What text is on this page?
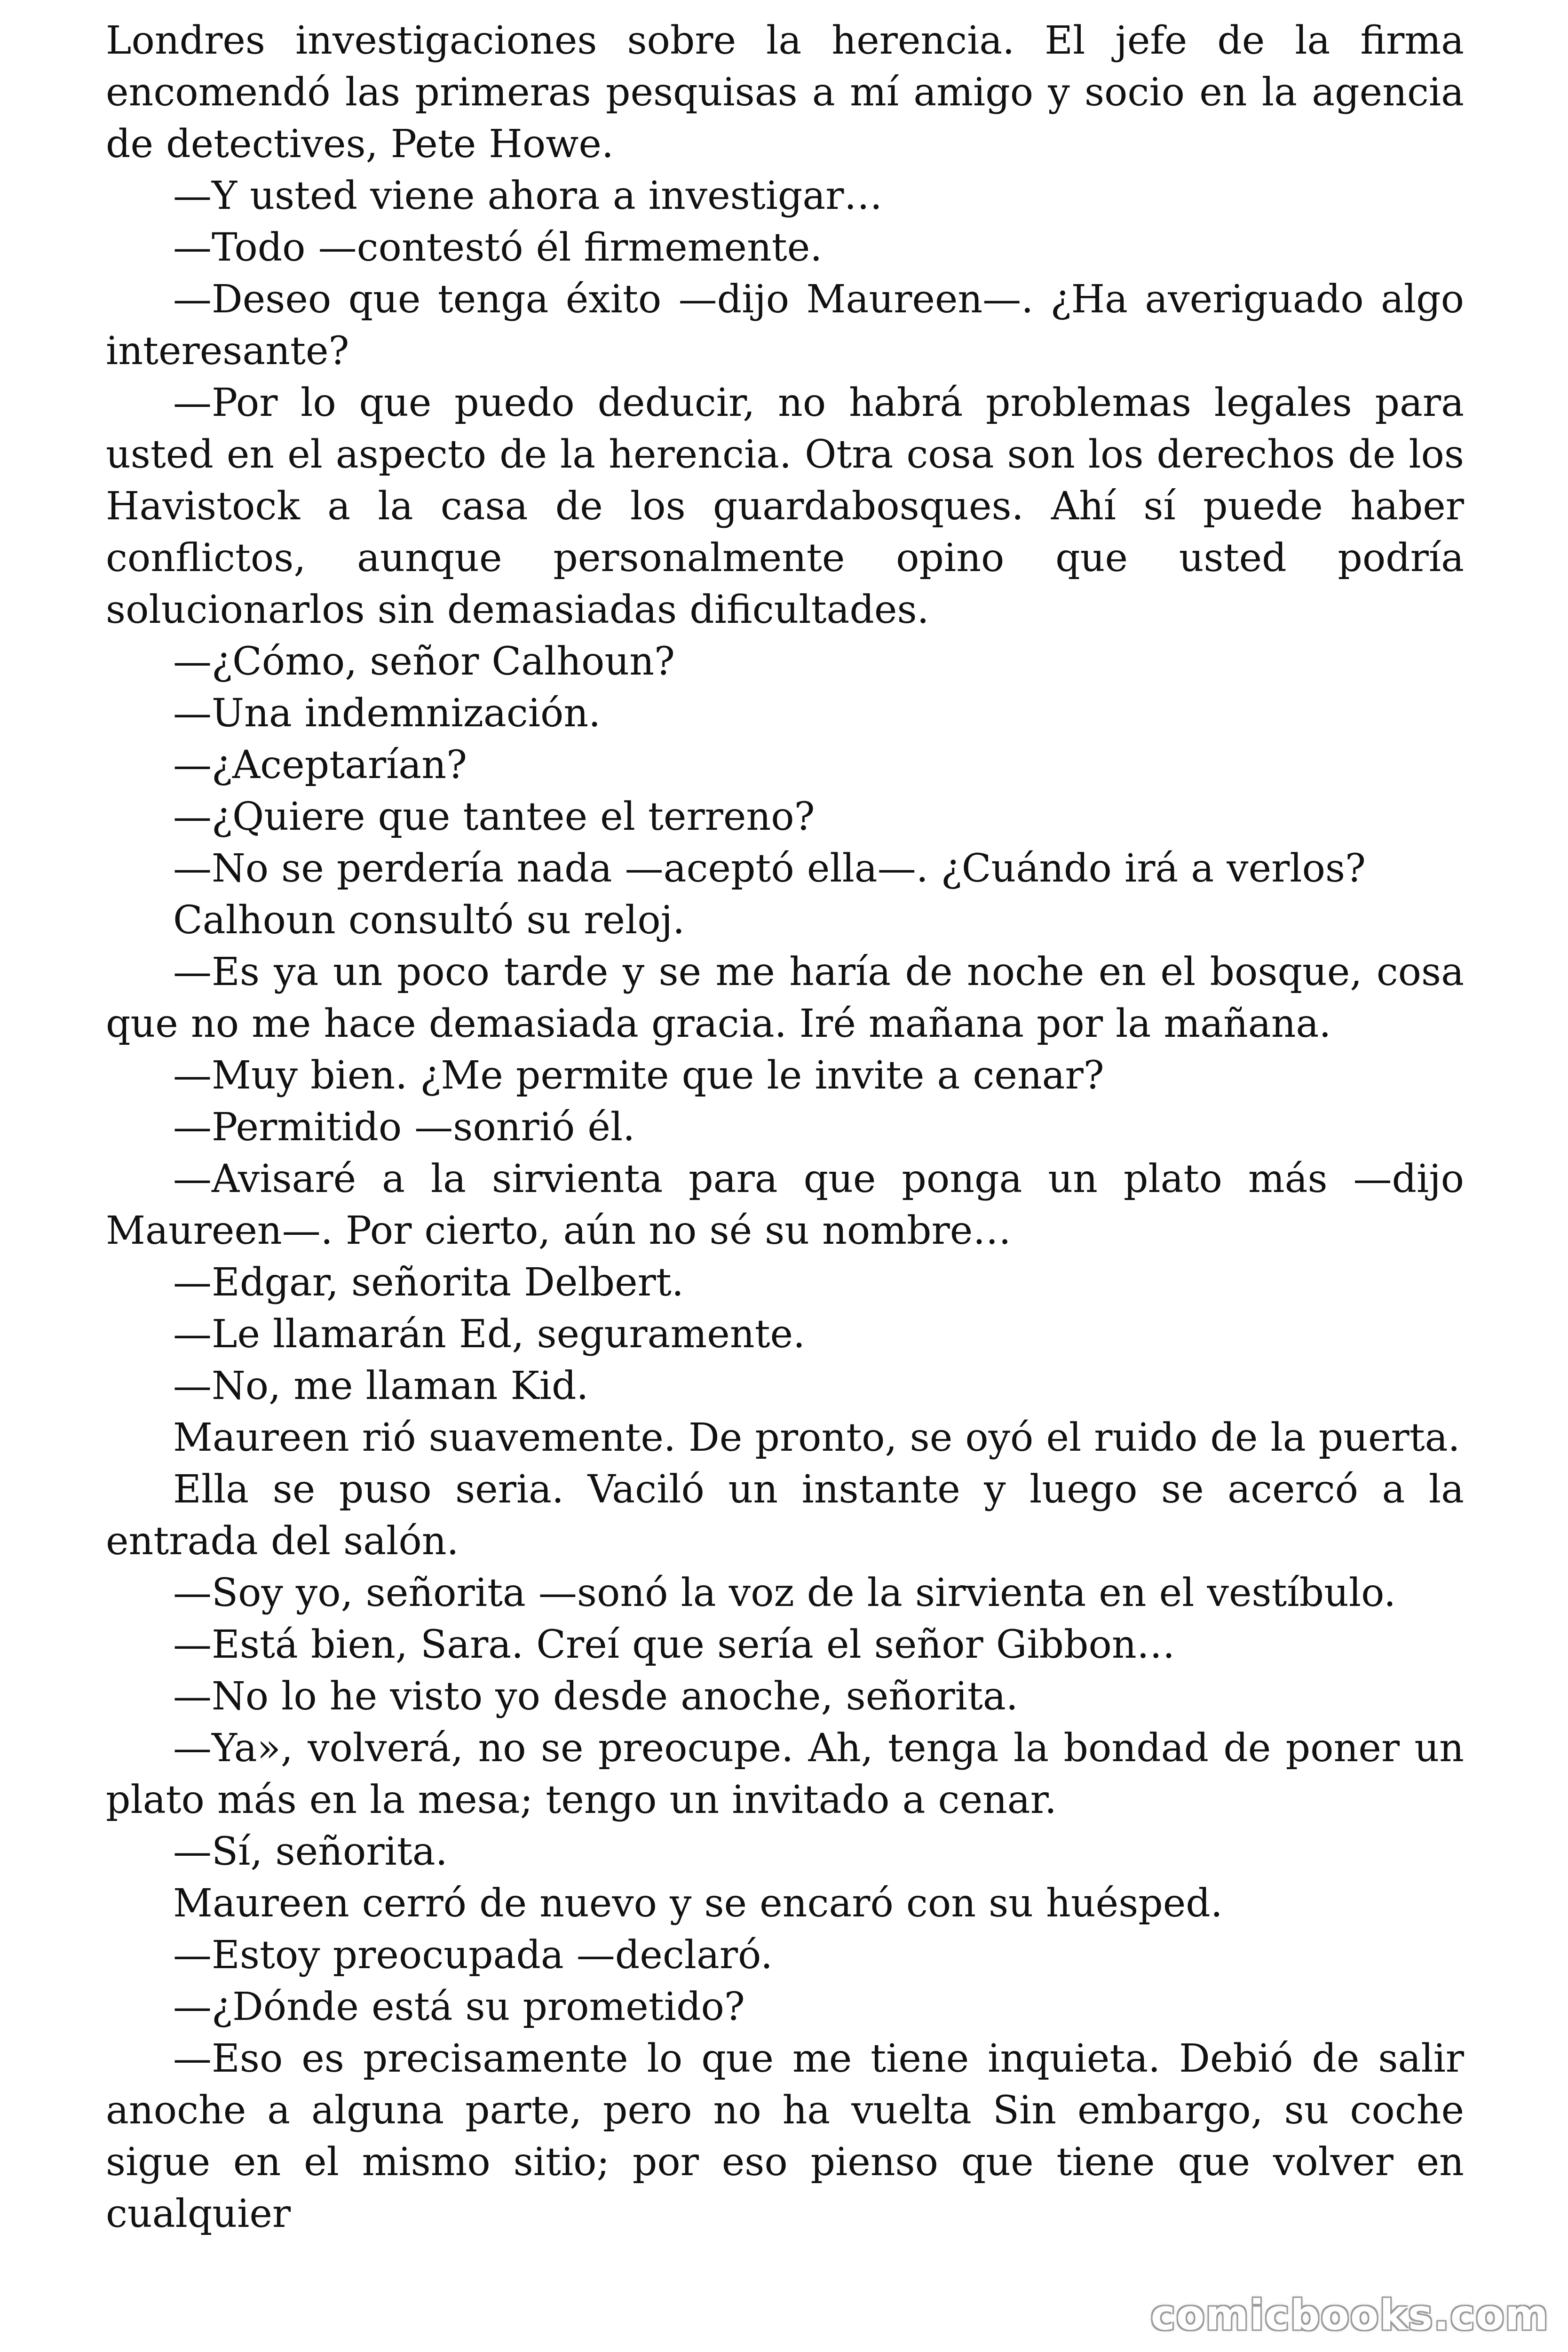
Londres investigaciones sobre la herencia. El jefe de la firma encomendó las primeras pesquisas a mí amigo y socio en la agencia de detectives, Pete Howe.

—Y usted viene ahora a investigar…

—Todo —contestó él firmemente.

—Deseo que tenga éxito —dijo Maureen—. ¿Ha averiguado algo interesante?

—Por lo que puedo deducir, no habrá problemas legales para usted en el aspecto de la herencia. Otra cosa son los derechos de los Havistock a la casa de los guardabosques. Ahí sí puede haber conflictos, aunque personalmente opino que usted podría solucionarlos sin demasiadas dificultades.

—¿Cómo, señor Calhoun?

—Una indemnización.

—¿Aceptarían?

—¿Quiere que tantee el terreno?

—No se perdería nada —aceptó ella—. ¿Cuándo irá a verlos?

Calhoun consultó su reloj.

—Es ya un poco tarde y se me haría de noche en el bosque, cosa que no me hace demasiada gracia. Iré mañana por la mañana.

—Muy bien. ¿Me permite que le invite a cenar?

—Permitido —sonrió él.

—Avisaré a la sirvienta para que ponga un plato más —dijo Maureen—. Por cierto, aún no sé su nombre…

—Edgar, señorita Delbert.

—Le llamarán Ed, seguramente.

—No, me llaman Kid.

Maureen rió suavemente. De pronto, se oyó el ruido de la puerta.

Ella se puso seria. Vaciló un instante y luego se acercó a la entrada del salón.

—Soy yo, señorita —sonó la voz de la sirvienta en el vestíbulo.

—Está bien, Sara. Creí que sería el señor Gibbon…

—No lo he visto yo desde anoche, señorita.

—Ya», volverá, no se preocupe. Ah, tenga la bondad de poner un plato más en la mesa; tengo un invitado a cenar.

—Sí, señorita.

Maureen cerró de nuevo y se encaró con su huésped.

—Estoy preocupada —declaró.

—¿Dónde está su prometido?

—Eso es precisamente lo que me tiene inquieta. Debió de salir anoche a alguna parte, pero no ha vuelta Sin embargo, su coche sigue en el mismo sitio; por eso pienso que tiene que volver en cualquier

comicbooks.com
